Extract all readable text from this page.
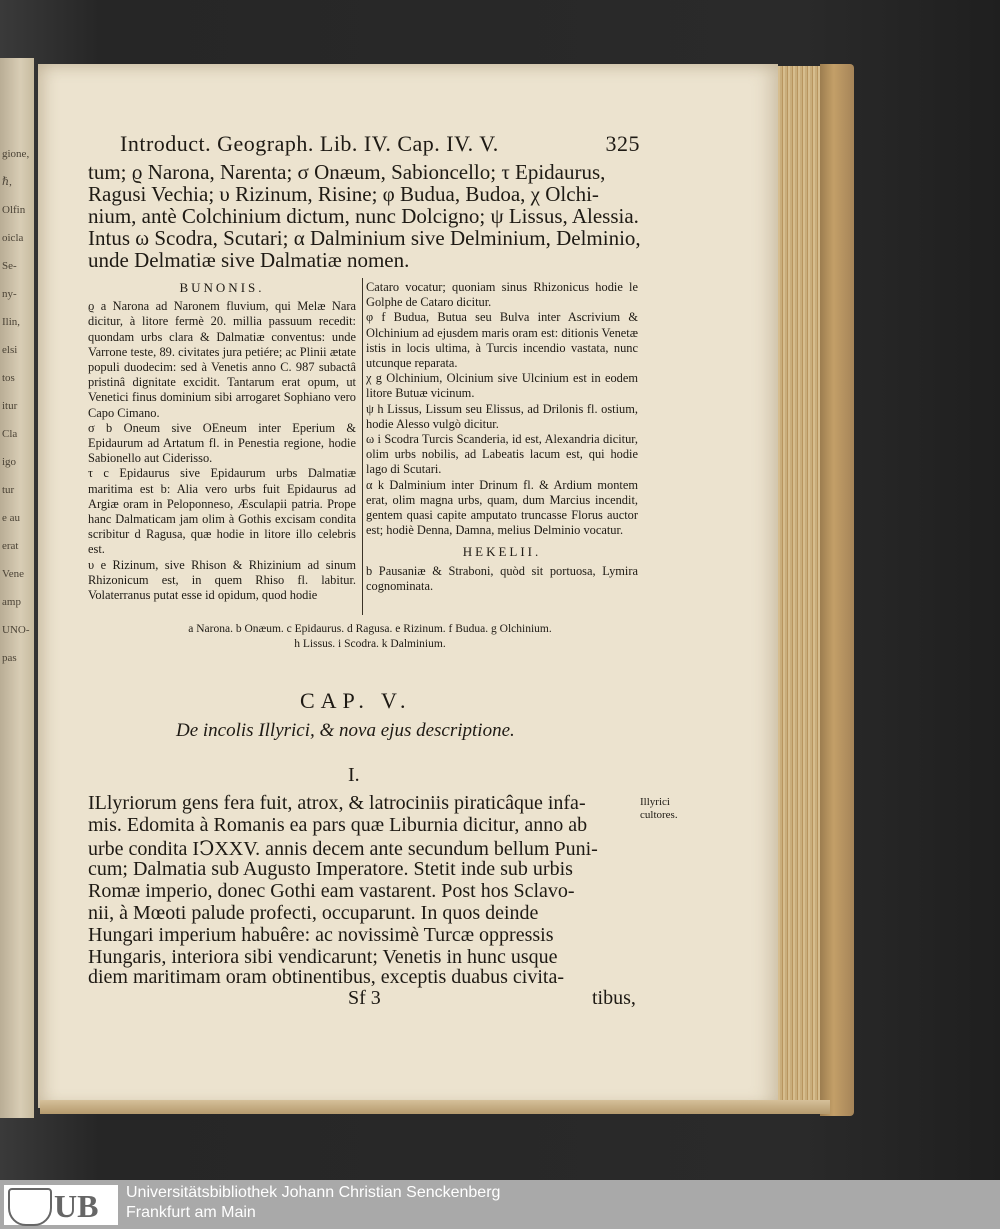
gione,
ℏ,
Olfin
oicla
Se-
ny-
Ilin,
elsi
tos
itur
Cla
igo
tur
e au
erat
Vene
amp
UNO-
pas
Introduct. Geograph. Lib. IV. Cap. IV. V.	325
tum; ϱ Narona, Narenta; σ Onæum, Sabioncello; τ Epidaurus,
Ragusi Vechia; υ Rizinum, Risine; φ Budua, Budoa, χ Olchi-
nium, antè Colchinium dictum, nunc Dolcigno; ψ Lissus, Alessia.
Intus ω Scodra, Scutari; α Dalminium sive Delminium, Delminio,
unde Delmatiæ sive Dalmatiæ nomen.
BUNONIS.

ϱ a Narona ad Naronem fluvium, qui Melæ Nara dicitur, à litore fermè 20. millia passuum recedit: quondam urbs clara & Dalmatiæ conventus: unde Varrone teste, 89. civitates jura petiére; ac Plinii ætate populi duodecim: sed à Venetis anno C. 987 subactâ pristinâ dignitate excidit. Tantarum erat opum, ut Venetici finus dominium sibi arrogaret Sophiano vero Capo Cimano.

σ b Oneum sive OEneum inter Eperium & Epidaurum ad Artatum fl. in Penestia regione, hodie Sabionello aut Ciderisso.

τ c Epidaurus sive Epidaurum urbs Dalmatiæ maritima est b: Alia vero urbs fuit Epidaurus ad Argiæ oram in Peloponneso, Æsculapii patria. Prope hanc Dalmaticam jam olim à Gothis excisam condita scribitur d Ragusa, quæ hodie in litore illo celebris est.

υ e Rizinum, sive Rhison & Rhizinium ad sinum Rhizonicum est, in quem Rhiso fl. labitur. Volaterranus putat esse id opidum, quod hodie

Cataro vocatur; quoniam sinus Rhizonicus hodie le Golphe de Cataro dicitur.

φ f Budua, Butua seu Bulva inter Ascrivium & Olchinium ad ejusdem maris oram est: ditionis Venetæ istis in locis ultima, à Turcis incendio vastata, nunc utcunque reparata.

χ g Olchinium, Olcinium sive Ulcinium est in eodem litore Butuæ vicinum.

ψ h Lissus, Lissum seu Elissus, ad Drilonis fl. ostium, hodie Alesso vulgò dicitur.

ω i Scodra Turcis Scanderia, id est, Alexandria dicitur, olim urbs nobilis, ad Labeatis lacum est, qui hodie lago di Scutari.

α k Dalminium inter Drinum fl. & Ardium montem erat, olim magna urbs, quam, dum Marcius incendit, gentem quasi capite amputato truncasse Florus auctor est; hodiè Denna, Damna, melius Delminio vocatur.

HEKELII.

b Pausaniæ & Straboni, quòd sit portuosa, Lymira cognominata.

a Narona. b Onæum. c Epidaurus. d Ragusa. e Rizinum. f Budua. g Olchinium.
h Lissus. i Scodra. k Dalminium.
CAP. V.
De incolis Illyrici, & nova ejus descriptione.
I.
ILlyriorum gens fera fuit, atrox, & latrociniis piraticâque infa-
mis. Edomita à Romanis ea pars quæ Liburnia dicitur, anno ab
urbe condita IↃXXV. annis decem ante secundum bellum Puni-
cum; Dalmatia sub Augusto Imperatore. Stetit inde sub urbis
Romæ imperio, donec Gothi eam vastarent. Post hos Sclavo-
nii, à Mœoti palude profecti, occuparunt. In quos deinde
Hungari imperium habuêre: ac novissimè Turcæ oppressis
Hungaris, interiora sibi vendicarunt; Venetis in hunc usque
diem maritimam oram obtinentibus, exceptis duabus civita-
Illyrici cultores.
Sf 3	tibus,
UB Universitätsbibliothek Johann Christian Senckenberg
Frankfurt am Main
